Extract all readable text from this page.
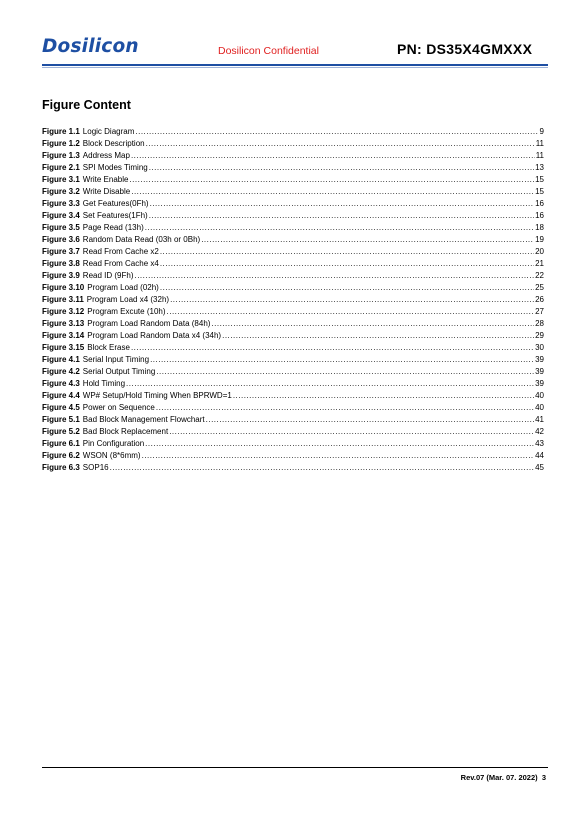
Dosilicon	Dosilicon Confidential	PN: DS35X4GMXXX
Figure Content
Figure 1.1 Logic Diagram .....	9
Figure 1.2 Block Description .....	11
Figure 1.3 Address Map .....	11
Figure 2.1 SPI Modes Timing .....	13
Figure 3.1 Write Enable .....	15
Figure 3.2 Write Disable .....	15
Figure 3.3 Get Features(0Fh) .....	16
Figure 3.4 Set Features(1Fh) .....	16
Figure 3.5 Page Read (13h) .....	18
Figure 3.6 Random Data Read (03h or 0Bh) .....	19
Figure 3.7 Read From Cache x2 .....	20
Figure 3.8 Read From Cache x4 .....	21
Figure 3.9 Read ID (9Fh) .....	22
Figure 3.10 Program Load (02h) .....	25
Figure 3.11 Program Load x4 (32h) .....	26
Figure 3.12 Program Excute (10h) .....	27
Figure 3.13 Program Load Random Data (84h) .....	28
Figure 3.14 Program Load Random Data x4 (34h) .....	29
Figure 3.15 Block Erase .....	30
Figure 4.1 Serial Input Timing .....	39
Figure 4.2 Serial Output Timing .....	39
Figure 4.3 Hold Timing .....	39
Figure 4.4 WP# Setup/Hold Timing When BPRWD=1 .....	40
Figure 4.5 Power on Sequence .....	40
Figure 5.1 Bad Block Management Flowchart .....	41
Figure 5.2 Bad Block Replacement .....	42
Figure 6.1 Pin Configuration .....	43
Figure 6.2 WSON (8*6mm) .....	44
Figure 6.3 SOP16 .....	45
Rev.07 (Mar. 07. 2022) 3
